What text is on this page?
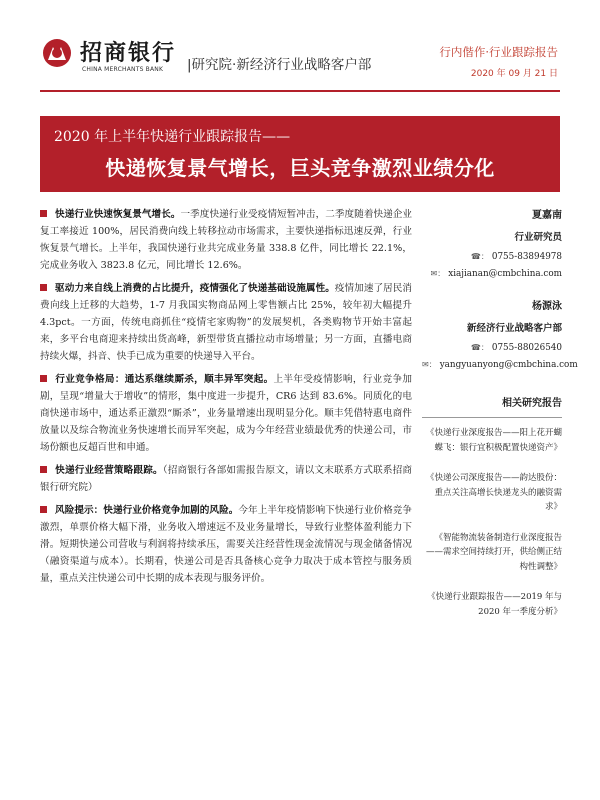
招商银行
CHINA MERCHANTS BANK |研究院·新经济行业战略客户部
行内偕作·行业跟踪报告
2020 年 09 月 21 日
2020 年上半年快递行业跟踪报告——
快递恢复景气增长，巨头竞争激烈业绩分化

快递行业快速恢复景气增长。一季度快递行业受疫情短暂冲击，二季度随着快递企业复工率接近 100%，居民消费向线上转移拉动市场需求，主要快递指标迅速反弹，行业恢复景气增长。上半年，我国快递行业共完成业务量 338.8 亿件，同比增长 22.1%，完成业务收入 3823.8 亿元，同比增长 12.6%。

驱动力来自线上消费的占比提升，疫情强化了快递基础设施属性。疫情加速了居民消费向线上迁移的大趋势，1-7 月我国实物商品网上零售额占比 25%，较年初大幅提升 4.3pct。一方面，传统电商抓住“疫情宅家购物”的发展契机，各类购物节开始丰富起来，多平台电商迎来持续出货高峰，新型带货直播拉动市场增量；另一方面，直播电商持续火爆，抖音、快手已成为重要的快递导入平台。

行业竞争格局：通达系继续厮杀，顺丰异军突起。上半年受疫情影响，行业竞争加剧，呈现“增量大于增收”的情形，集中度进一步提升，CR6 达到 83.6%。同质化的电商快递市场中，通达系正激烈“厮杀”，业务量增速出现明显分化。顺丰凭借特惠电商件放量以及综合物流业务快速增长而异军突起，成为今年经营业绩最优秀的快递公司，市场份额也反超百世和申通。

快递行业经营策略跟踪。（招商银行各部如需报告原文，请以文末联系方式联系招商银行研究院）

风险提示：快递行业价格竞争加剧的风险。今年上半年疫情影响下快递行业价格竞争激烈，单票价格大幅下滑，业务收入增速远不及业务量增长，导致行业整体盈利能力下滑。短期快递公司营收与利润将持续承压，需要关注经营性现金流情况与现金储备情况（融资渠道与成本）。长期看，快递公司是否具备核心竞争力取决于成本管控与服务质量，重点关注快递公司中长期的成本表现与服务评价。

夏嘉南
行业研究员
☎： 0755-83894978
✉： xiajianan@cmbchina.com
杨源泳
新经济行业战略客户部
☎： 0755-88026540
✉： yangyuanyong@cmbchina.com
相关研究报告
《快递行业深度报告——阳上花开蝴蝶飞：银行宜积极配置快递资产》
《快递公司深度报告——韵达股份：重点关注高增长快递龙头的融资需求》
《智能物流装备制造行业深度报告——需求空间持续打开，供给侧正结构性调整》
《快递行业跟踪报告——2019 年与 2020 年一季度分析》
